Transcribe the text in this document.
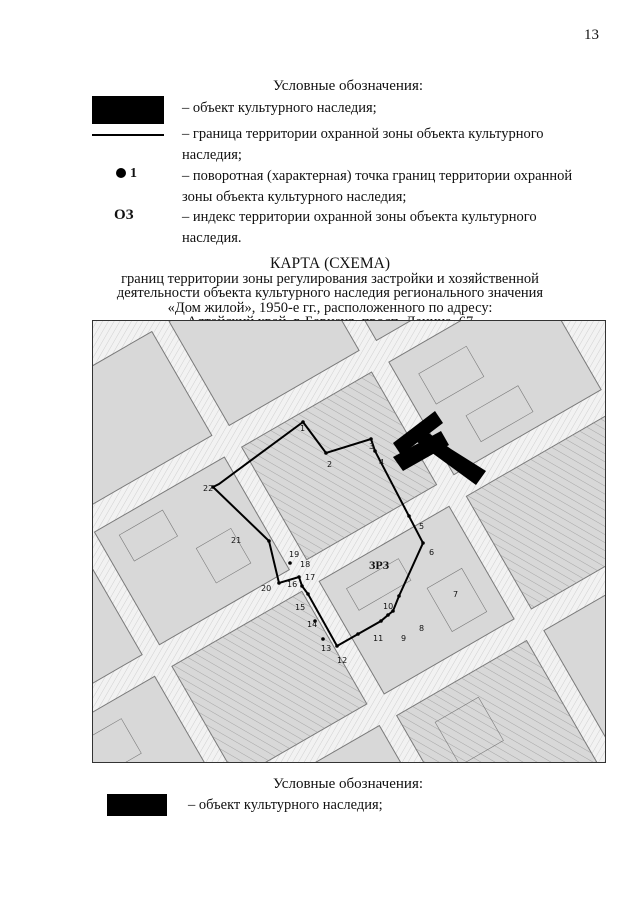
13
Условные обозначения:
– объект культурного наследия;
– граница территории охранной зоны объекта культурного
наследия;
1	– поворотная (характерная) точка границ территории охранной
зоны объекта культурного наследия;
ОЗ	– индекс территории охранной зоны объекта культурного
наследия.
КАРТА (СХЕМА)
границ территории зоны регулирования застройки и хозяйственной
деятельности объекта культурного наследия регионального значения
«Дом жилой», 1950-е гг., расположенного по адресу:
1
2
3
4
5
6
7
8
9
10
11
12
13
14
15
16
17
18
19
20
21
22
ЗРЗ
Условные обозначения:
– объект культурного наследия;
